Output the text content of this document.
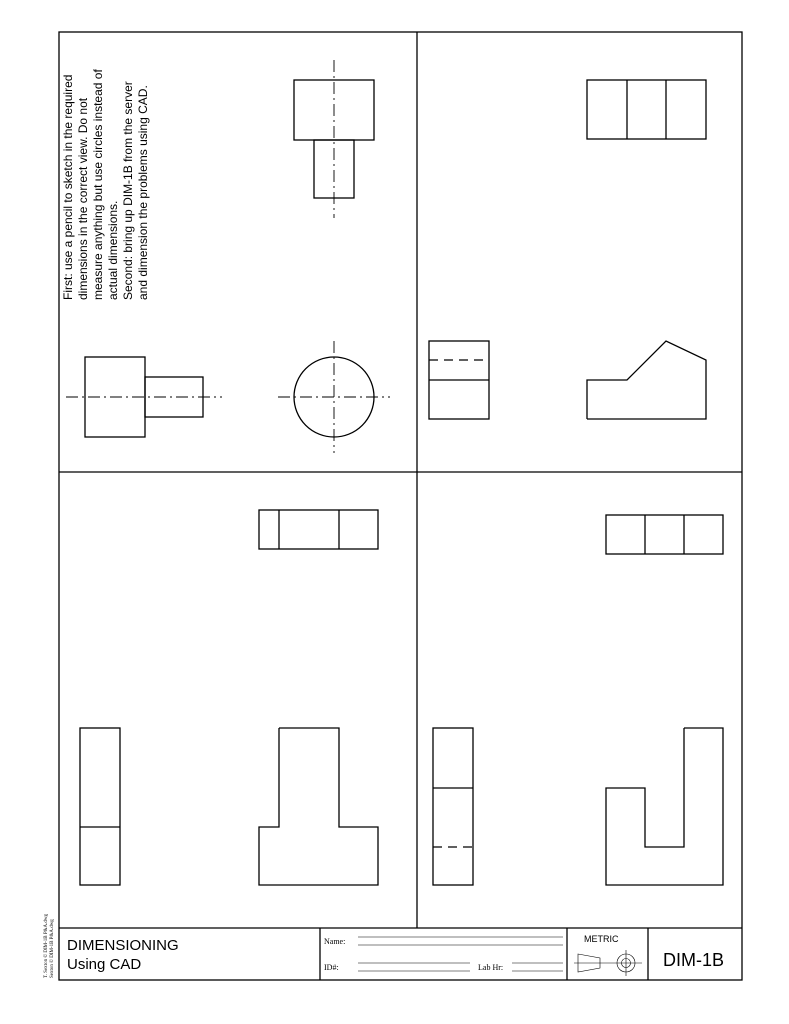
First: use a pencil to sketch in the required dimensions in the correct view. Do not measure anything but use circles instead of actual dimensions. Second: bring up DIM-1B from the server and dimension the problems using CAD.
DIMENSIONING
Using CAD
Name:
ID#:	Lab Hr:
METRIC
DIM-1B
T. Sexton © DIM-1B P&A.dwg Sexton © DIM-1B P&A.dwg
